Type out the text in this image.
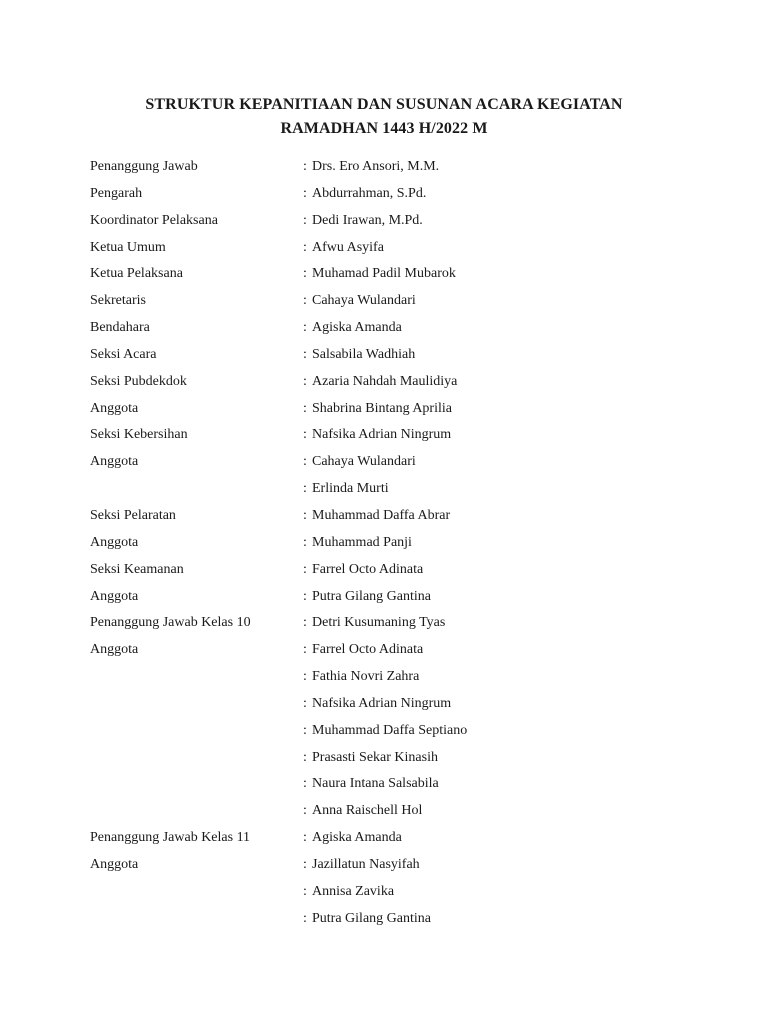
STRUKTUR KEPANITIAAN DAN SUSUNAN ACARA KEGIATAN
RAMADHAN 1443 H/2022 M
Penanggung Jawab	: Drs. Ero Ansori, M.M.
Pengarah	: Abdurrahman, S.Pd.
Koordinator Pelaksana	: Dedi Irawan, M.Pd.
Ketua Umum	: Afwu Asyifa
Ketua Pelaksana	: Muhamad Padil Mubarok
Sekretaris	: Cahaya Wulandari
Bendahara	: Agiska Amanda
Seksi Acara	: Salsabila Wadhiah
Seksi Pubdekdok	: Azaria Nahdah Maulidiya
Anggota	: Shabrina Bintang Aprilia
Seksi Kebersihan	: Nafsika Adrian Ningrum
Anggota	: Cahaya Wulandari
: Erlinda Murti
Seksi Pelaratan	: Muhammad Daffa Abrar
Anggota	: Muhammad Panji
Seksi Keamanan	: Farrel Octo Adinata
Anggota	: Putra Gilang Gantina
Penanggung Jawab Kelas 10	: Detri Kusumaning Tyas
Anggota	: Farrel Octo Adinata
: Fathia Novri Zahra
: Nafsika Adrian Ningrum
: Muhammad Daffa Septiano
: Prasasti Sekar Kinasih
: Naura Intana Salsabila
: Anna Raischell Hol
Penanggung Jawab Kelas 11	: Agiska Amanda
Anggota	: Jazillatun Nasyifah
: Annisa Zavika
: Putra Gilang Gantina
